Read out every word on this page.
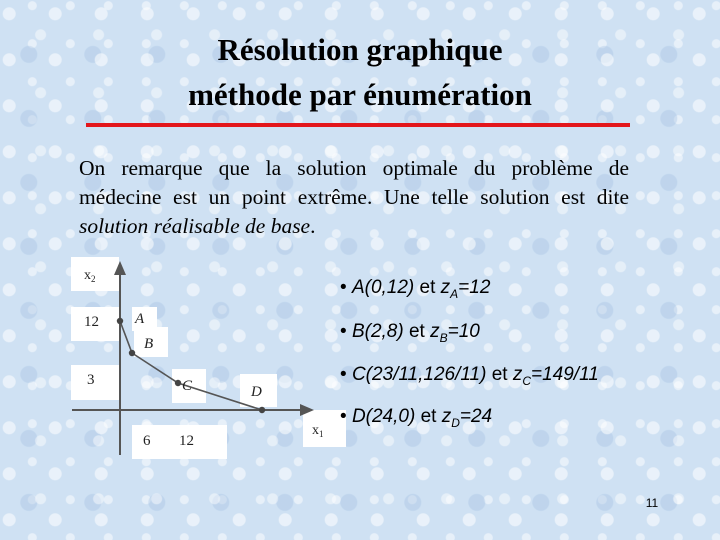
Résolution graphique
méthode par énumération

On remarque que la solution optimale du problème de médecine est un point extrême. Une telle solution est dite solution réalisable de base.

$x_2$
12
3
A
B
C	D
6 12
$x_1$

• A(0,12) et $z_A=12$

• B(2,8) et $z_B=10$

• C(23/11,126/11) et $z_C=149/11$

• D(24,0) et $z_D=24$

11
